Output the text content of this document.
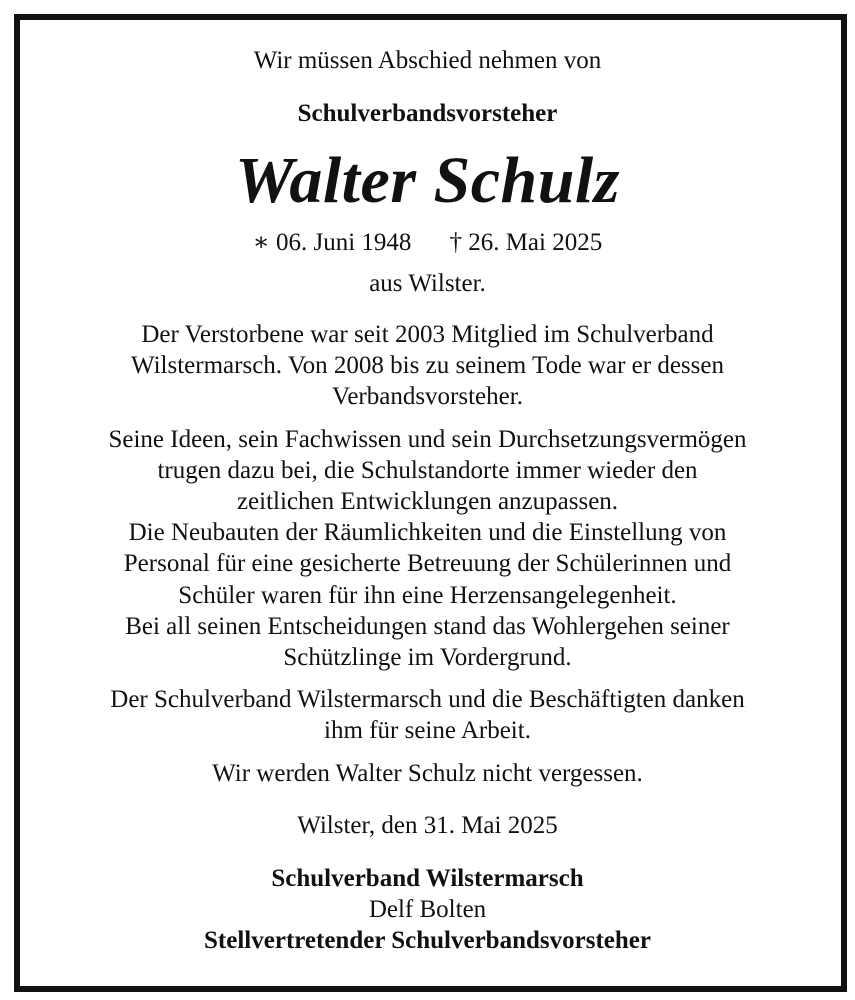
Wir müssen Abschied nehmen von
Schulverbandsvorsteher
Walter Schulz
∗ 06. Juni 1948 † 26. Mai 2025
aus Wilster.
Der Verstorbene war seit 2003 Mitglied im Schulverband
Wilstermarsch. Von 2008 bis zu seinem Tode war er dessen
Verbandsvorsteher.
Seine Ideen, sein Fachwissen und sein Durchsetzungsvermögen
trugen dazu bei, die Schulstandorte immer wieder den
zeitlichen Entwicklungen anzupassen.
Die Neubauten der Räumlichkeiten und die Einstellung von
Personal für eine gesicherte Betreuung der Schülerinnen und
Schüler waren für ihn eine Herzensangelegenheit.
Bei all seinen Entscheidungen stand das Wohlergehen seiner
Schützlinge im Vordergrund.
Der Schulverband Wilstermarsch und die Beschäftigten danken
ihm für seine Arbeit.
Wir werden Walter Schulz nicht vergessen.
Wilster, den 31. Mai 2025
Schulverband Wilstermarsch
Delf Bolten
Stellvertretender Schulverbandsvorsteher
